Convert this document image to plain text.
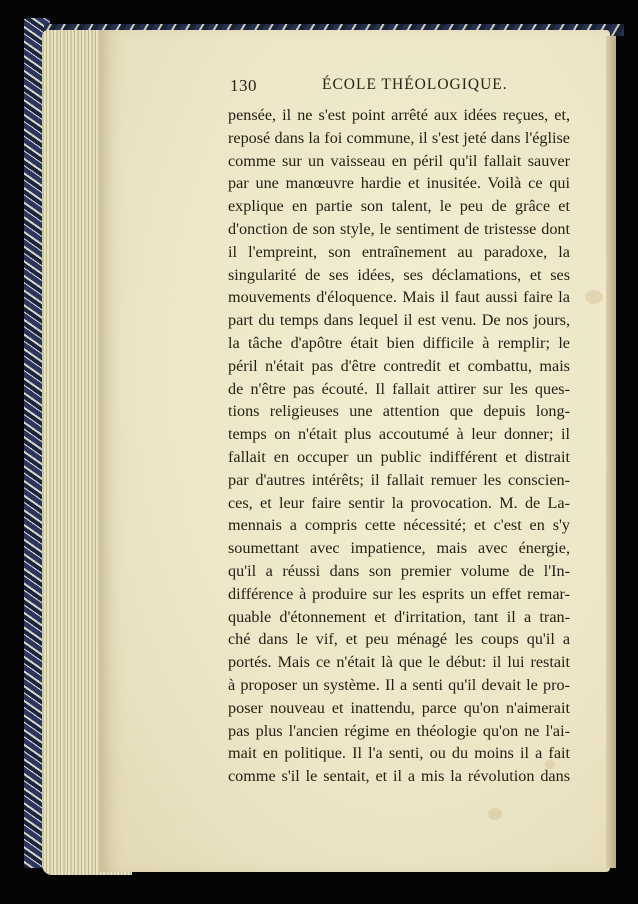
130	ÉCOLE THÉOLOGIQUE.
pensée, il ne s'est point arrêté aux idées reçues, et,
reposé dans la foi commune, il s'est jeté dans l'église
comme sur un vaisseau en péril qu'il fallait sauver
par une manœuvre hardie et inusitée. Voilà ce qui
explique en partie son talent, le peu de grâce et
d'onction de son style, le sentiment de tristesse dont
il l'empreint, son entraînement au paradoxe, la
singularité de ses idées, ses déclamations, et ses
mouvements d'éloquence. Mais il faut aussi faire la
part du temps dans lequel il est venu. De nos jours,
la tâche d'apôtre était bien difficile à remplir; le
péril n'était pas d'être contredit et combattu, mais
de n'être pas écouté. Il fallait attirer sur les ques-
tions religieuses une attention que depuis long-
temps on n'était plus accoutumé à leur donner; il
fallait en occuper un public indifférent et distrait
par d'autres intérêts; il fallait remuer les conscien-
ces, et leur faire sentir la provocation. M. de La-
mennais a compris cette nécessité; et c'est en s'y
soumettant avec impatience, mais avec énergie,
qu'il a réussi dans son premier volume de l'In-
différence à produire sur les esprits un effet remar-
quable d'étonnement et d'irritation, tant il a tran-
ché dans le vif, et peu ménagé les coups qu'il a
portés. Mais ce n'était là que le début: il lui restait
à proposer un système. Il a senti qu'il devait le pro-
poser nouveau et inattendu, parce qu'on n'aimerait
pas plus l'ancien régime en théologie qu'on ne l'ai-
mait en politique. Il l'a senti, ou du moins il a fait
comme s'il le sentait, et il a mis la révolution dans
